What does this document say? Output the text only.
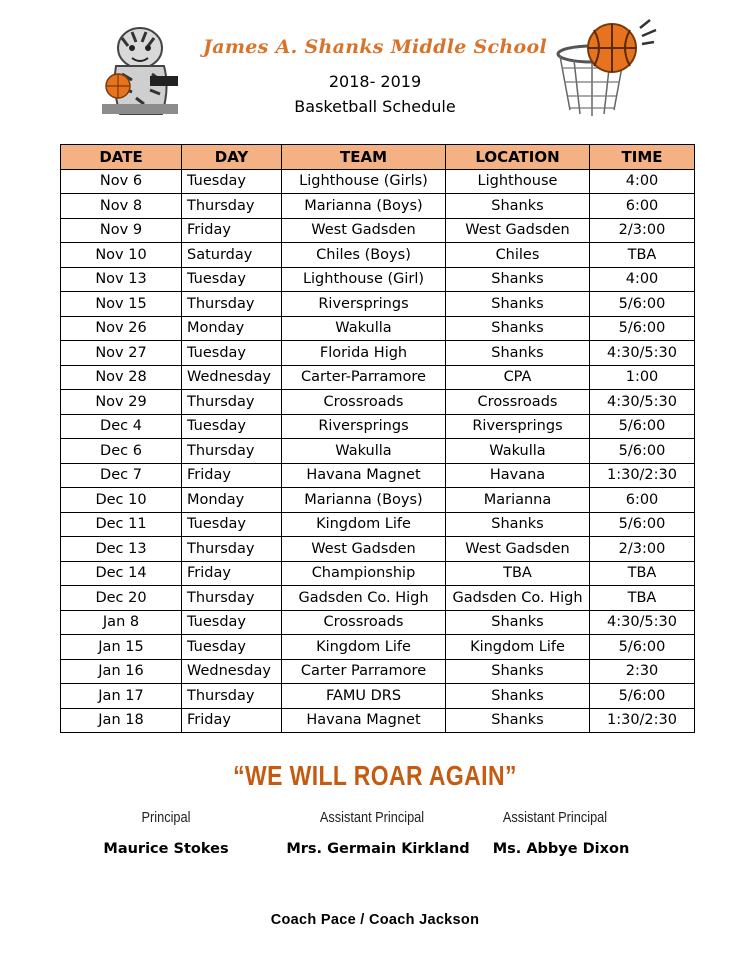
James A. Shanks Middle School
2018- 2019
Basketball Schedule
DATE	DAY	TEAM	LOCATION	TIME
Nov 6	Tuesday	Lighthouse (Girls)	Lighthouse	4:00
Nov 8	Thursday	Marianna (Boys)	Shanks	6:00
Nov 9	Friday	West Gadsden	West Gadsden	2/3:00
Nov 10	Saturday	Chiles (Boys)	Chiles	TBA
Nov 13	Tuesday	Lighthouse (Girl)	Shanks	4:00
Nov 15	Thursday	Riversprings	Shanks	5/6:00
Nov 26	Monday	Wakulla	Shanks	5/6:00
Nov 27	Tuesday	Florida High	Shanks	4:30/5:30
Nov 28	Wednesday	Carter-Parramore	CPA	1:00
Nov 29	Thursday	Crossroads	Crossroads	4:30/5:30
Dec 4	Tuesday	Riversprings	Riversprings	5/6:00
Dec 6	Thursday	Wakulla	Wakulla	5/6:00
Dec 7	Friday	Havana Magnet	Havana	1:30/2:30
Dec 10	Monday	Marianna (Boys)	Marianna	6:00
Dec 11	Tuesday	Kingdom Life	Shanks	5/6:00
Dec 13	Thursday	West Gadsden	West Gadsden	2/3:00
Dec 14	Friday	Championship	TBA	TBA
Dec 20	Thursday	Gadsden Co. High	Gadsden Co. High	TBA
Jan 8	Tuesday	Crossroads	Shanks	4:30/5:30
Jan 15	Tuesday	Kingdom Life	Kingdom Life	5/6:00
Jan 16	Wednesday	Carter Parramore	Shanks	2:30
Jan 17	Thursday	FAMU DRS	Shanks	5/6:00
Jan 18	Friday	Havana Magnet	Shanks	1:30/2:30
“WE WILL ROAR AGAIN”
Principal	Assistant Principal	Assistant Principal
Maurice Stokes	Mrs. Germain Kirkland	Ms. Abbye Dixon
Coach Pace / Coach Jackson
